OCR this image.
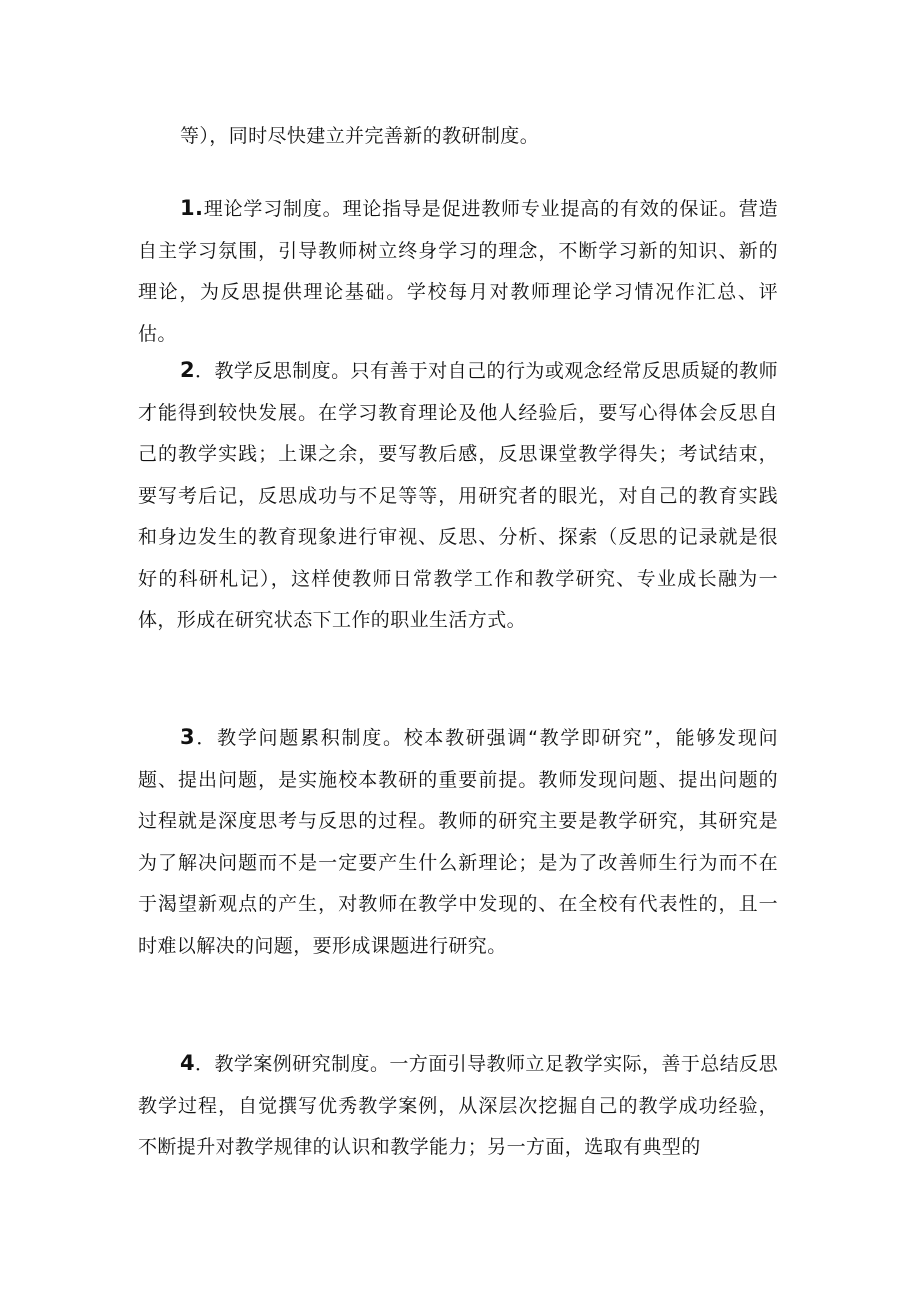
等），同时尽快建立并完善新的教研制度。

1.理论学习制度。理论指导是促进教师专业提高的有效的保证。营造自主学习氛围，引导教师树立终身学习的理念，不断学习新的知识、新的理论，为反思提供理论基础。学校每月对教师理论学习情况作汇总、评估。

2．教学反思制度。只有善于对自己的行为或观念经常反思质疑的教师才能得到较快发展。在学习教育理论及他人经验后，要写心得体会反思自己的教学实践；上课之余，要写教后感，反思课堂教学得失；考试结束，要写考后记，反思成功与不足等等，用研究者的眼光，对自己的教育实践和身边发生的教育现象进行审视、反思、分析、探索（反思的记录就是很好的科研札记），这样使教师日常教学工作和教学研究、专业成长融为一体，形成在研究状态下工作的职业生活方式。

3．教学问题累积制度。校本教研强调“教学即研究”，能够发现问题、提出问题，是实施校本教研的重要前提。教师发现问题、提出问题的过程就是深度思考与反思的过程。教师的研究主要是教学研究，其研究是为了解决问题而不是一定要产生什么新理论；是为了改善师生行为而不在于渴望新观点的产生，对教师在教学中发现的、在全校有代表性的，且一时难以解决的问题，要形成课题进行研究。

4．教学案例研究制度。一方面引导教师立足教学实际，善于总结反思教学过程，自觉撰写优秀教学案例，从深层次挖掘自己的教学成功经验，不断提升对教学规律的认识和教学能力；另一方面，选取有典型的
